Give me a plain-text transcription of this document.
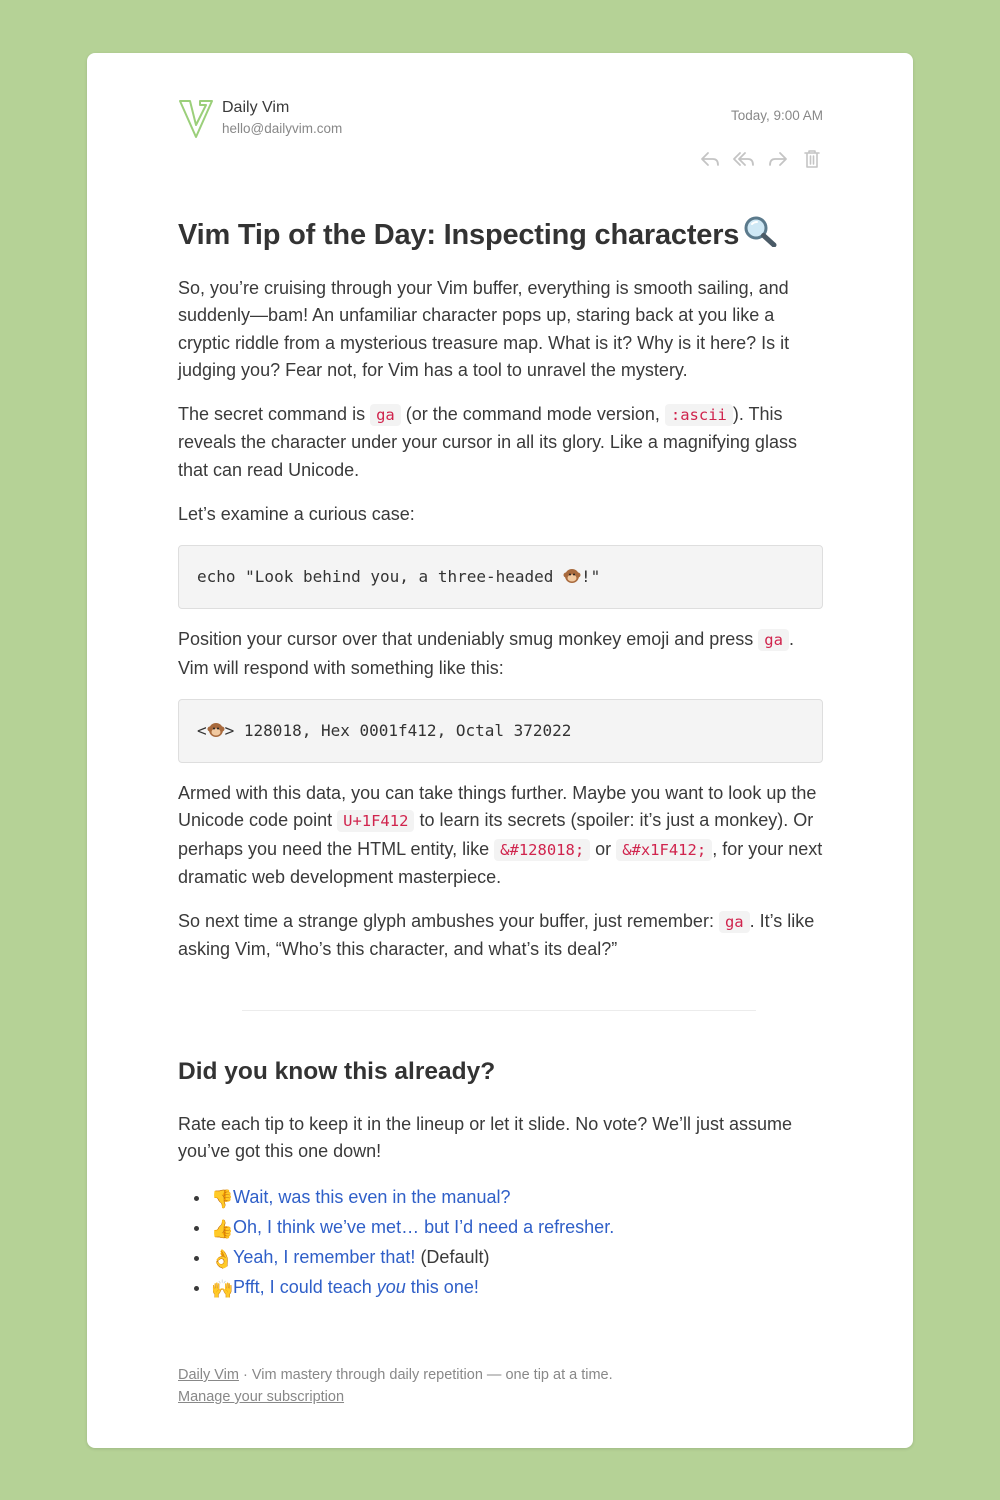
Daily Vim
hello@dailyvim.com
Today, 9:00 AM
Vim Tip of the Day: Inspecting characters

So, you’re cruising through your Vim buffer, everything is smooth sailing, and suddenly—bam! An unfamiliar character pops up, staring back at you like a cryptic riddle from a mysterious treasure map. What is it? Why is it here? Is it judging you? Fear not, for Vim has a tool to unravel the mystery.

The secret command is ga (or the command mode version, :ascii ). This reveals the character under your cursor in all its glory. Like a magnifying glass that can read Unicode.

Let’s examine a curious case:

echo "Look behind you, a three-headed !"

Position your cursor over that undeniably smug monkey emoji and press ga . Vim will respond with something like this:

< > 128018, Hex 0001f412, Octal 372022

Armed with this data, you can take things further. Maybe you want to look up the Unicode code point U+1F412 to learn its secrets (spoiler: it’s just a monkey). Or perhaps you need the HTML entity, like &#128018; or &#x1F412; , for your next dramatic web development masterpiece.

So next time a strange glyph ambushes your buffer, just remember: ga . It’s like asking Vim, “Who’s this character, and what’s its deal?”

Did you know this already?

Rate each tip to keep it in the lineup or let it slide. No vote? We’ll just assume you’ve got this one down!

• 👎Wait, was this even in the manual?
• 👍Oh, I think we’ve met… but I’d need a refresher.
• 👌Yeah, I remember that! (Default)
• 🙌Pfft, I could teach you this one!
Daily Vim · Vim mastery through daily repetition — one tip at a time.
Manage your subscription
